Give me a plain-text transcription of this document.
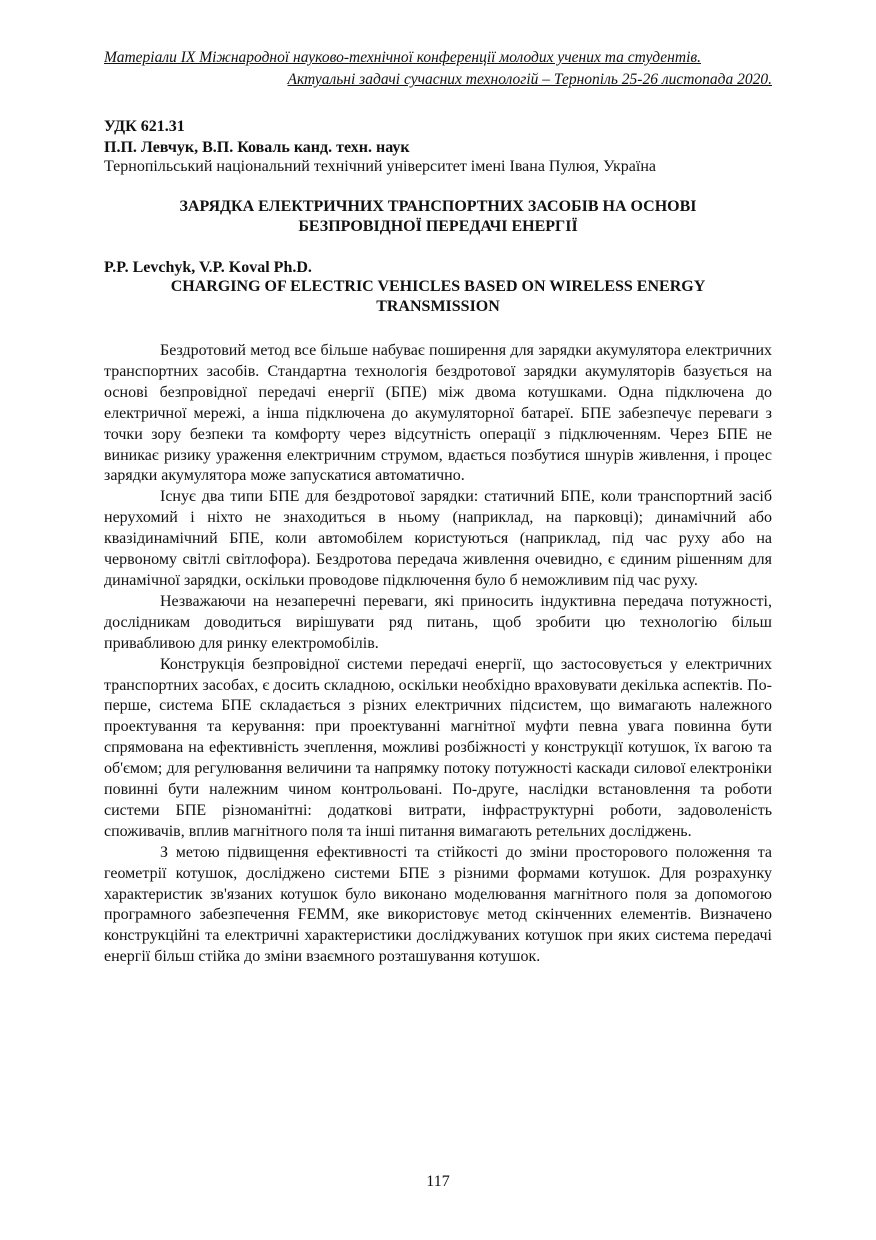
Матеріали IX Міжнародної науково-технічної конференції молодих учених та студентів.
Актуальні задачі сучасних технологій – Тернопіль 25-26 листопада 2020.
УДК 621.31
П.П. Левчук, В.П. Коваль канд. техн. наук
Тернопільський національний технічний університет імені Івана Пулюя, Україна
ЗАРЯДКА ЕЛЕКТРИЧНИХ ТРАНСПОРТНИХ ЗАСОБІВ НА ОСНОВІ
БЕЗПРОВІДНОЇ ПЕРЕДАЧІ ЕНЕРГІЇ
P.P. Levchyk, V.P. Koval Ph.D.
CHARGING OF ELECTRIC VEHICLES BASED ON WIRELESS ENERGY
TRANSMISSION

Бездротовий метод все більше набуває поширення для зарядки акумулятора електричних транспортних засобів. Стандартна технологія бездротової зарядки акумуляторів базується на основі безпровідної передачі енергії (БПЕ) між двома котушками. Одна підключена до електричної мережі, а інша підключена до акумуляторної батареї. БПЕ забезпечує переваги з точки зору безпеки та комфорту через відсутність операції з підключенням. Через БПЕ не виникає ризику ураження електричним струмом, вдається позбутися шнурів живлення, і процес зарядки акумулятора може запускатися автоматично.

Існує два типи БПЕ для бездротової зарядки: статичний БПЕ, коли транспортний засіб нерухомий і ніхто не знаходиться в ньому (наприклад, на парковці); динамічний або квазідинамічний БПЕ, коли автомобілем користуються (наприклад, під час руху або на червоному світлі світлофора). Бездротова передача живлення очевидно, є єдиним рішенням для динамічної зарядки, оскільки проводове підключення було б неможливим під час руху.

Незважаючи на незаперечні переваги, які приносить індуктивна передача потужності, дослідникам доводиться вирішувати ряд питань, щоб зробити цю технологію більш привабливою для ринку електромобілів.

Конструкція безпровідної системи передачі енергії, що застосовується у електричних транспортних засобах, є досить складною, оскільки необхідно враховувати декілька аспектів. По-перше, система БПЕ складається з різних електричних підсистем, що вимагають належного проектування та керування: при проектуванні магнітної муфти певна увага повинна бути спрямована на ефективність зчеплення, можливі розбіжності у конструкції котушок, їх вагою та об'ємом; для регулювання величини та напрямку потоку потужності каскади силової електроніки повинні бути належним чином контрольовані. По-друге, наслідки встановлення та роботи системи БПЕ різноманітні: додаткові витрати, інфраструктурні роботи, задоволеність споживачів, вплив магнітного поля та інші питання вимагають ретельних досліджень.

З метою підвищення ефективності та стійкості до зміни просторового положення та геометрії котушок, досліджено системи БПЕ з різними формами котушок. Для розрахунку характеристик зв'язаних котушок було виконано моделювання магнітного поля за допомогою програмного забезпечення FEMM, яке використовує метод скінченних елементів. Визначено конструкційні та електричні характеристики досліджуваних котушок при яких система передачі енергії більш стійка до зміни взаємного розташування котушок.

117
